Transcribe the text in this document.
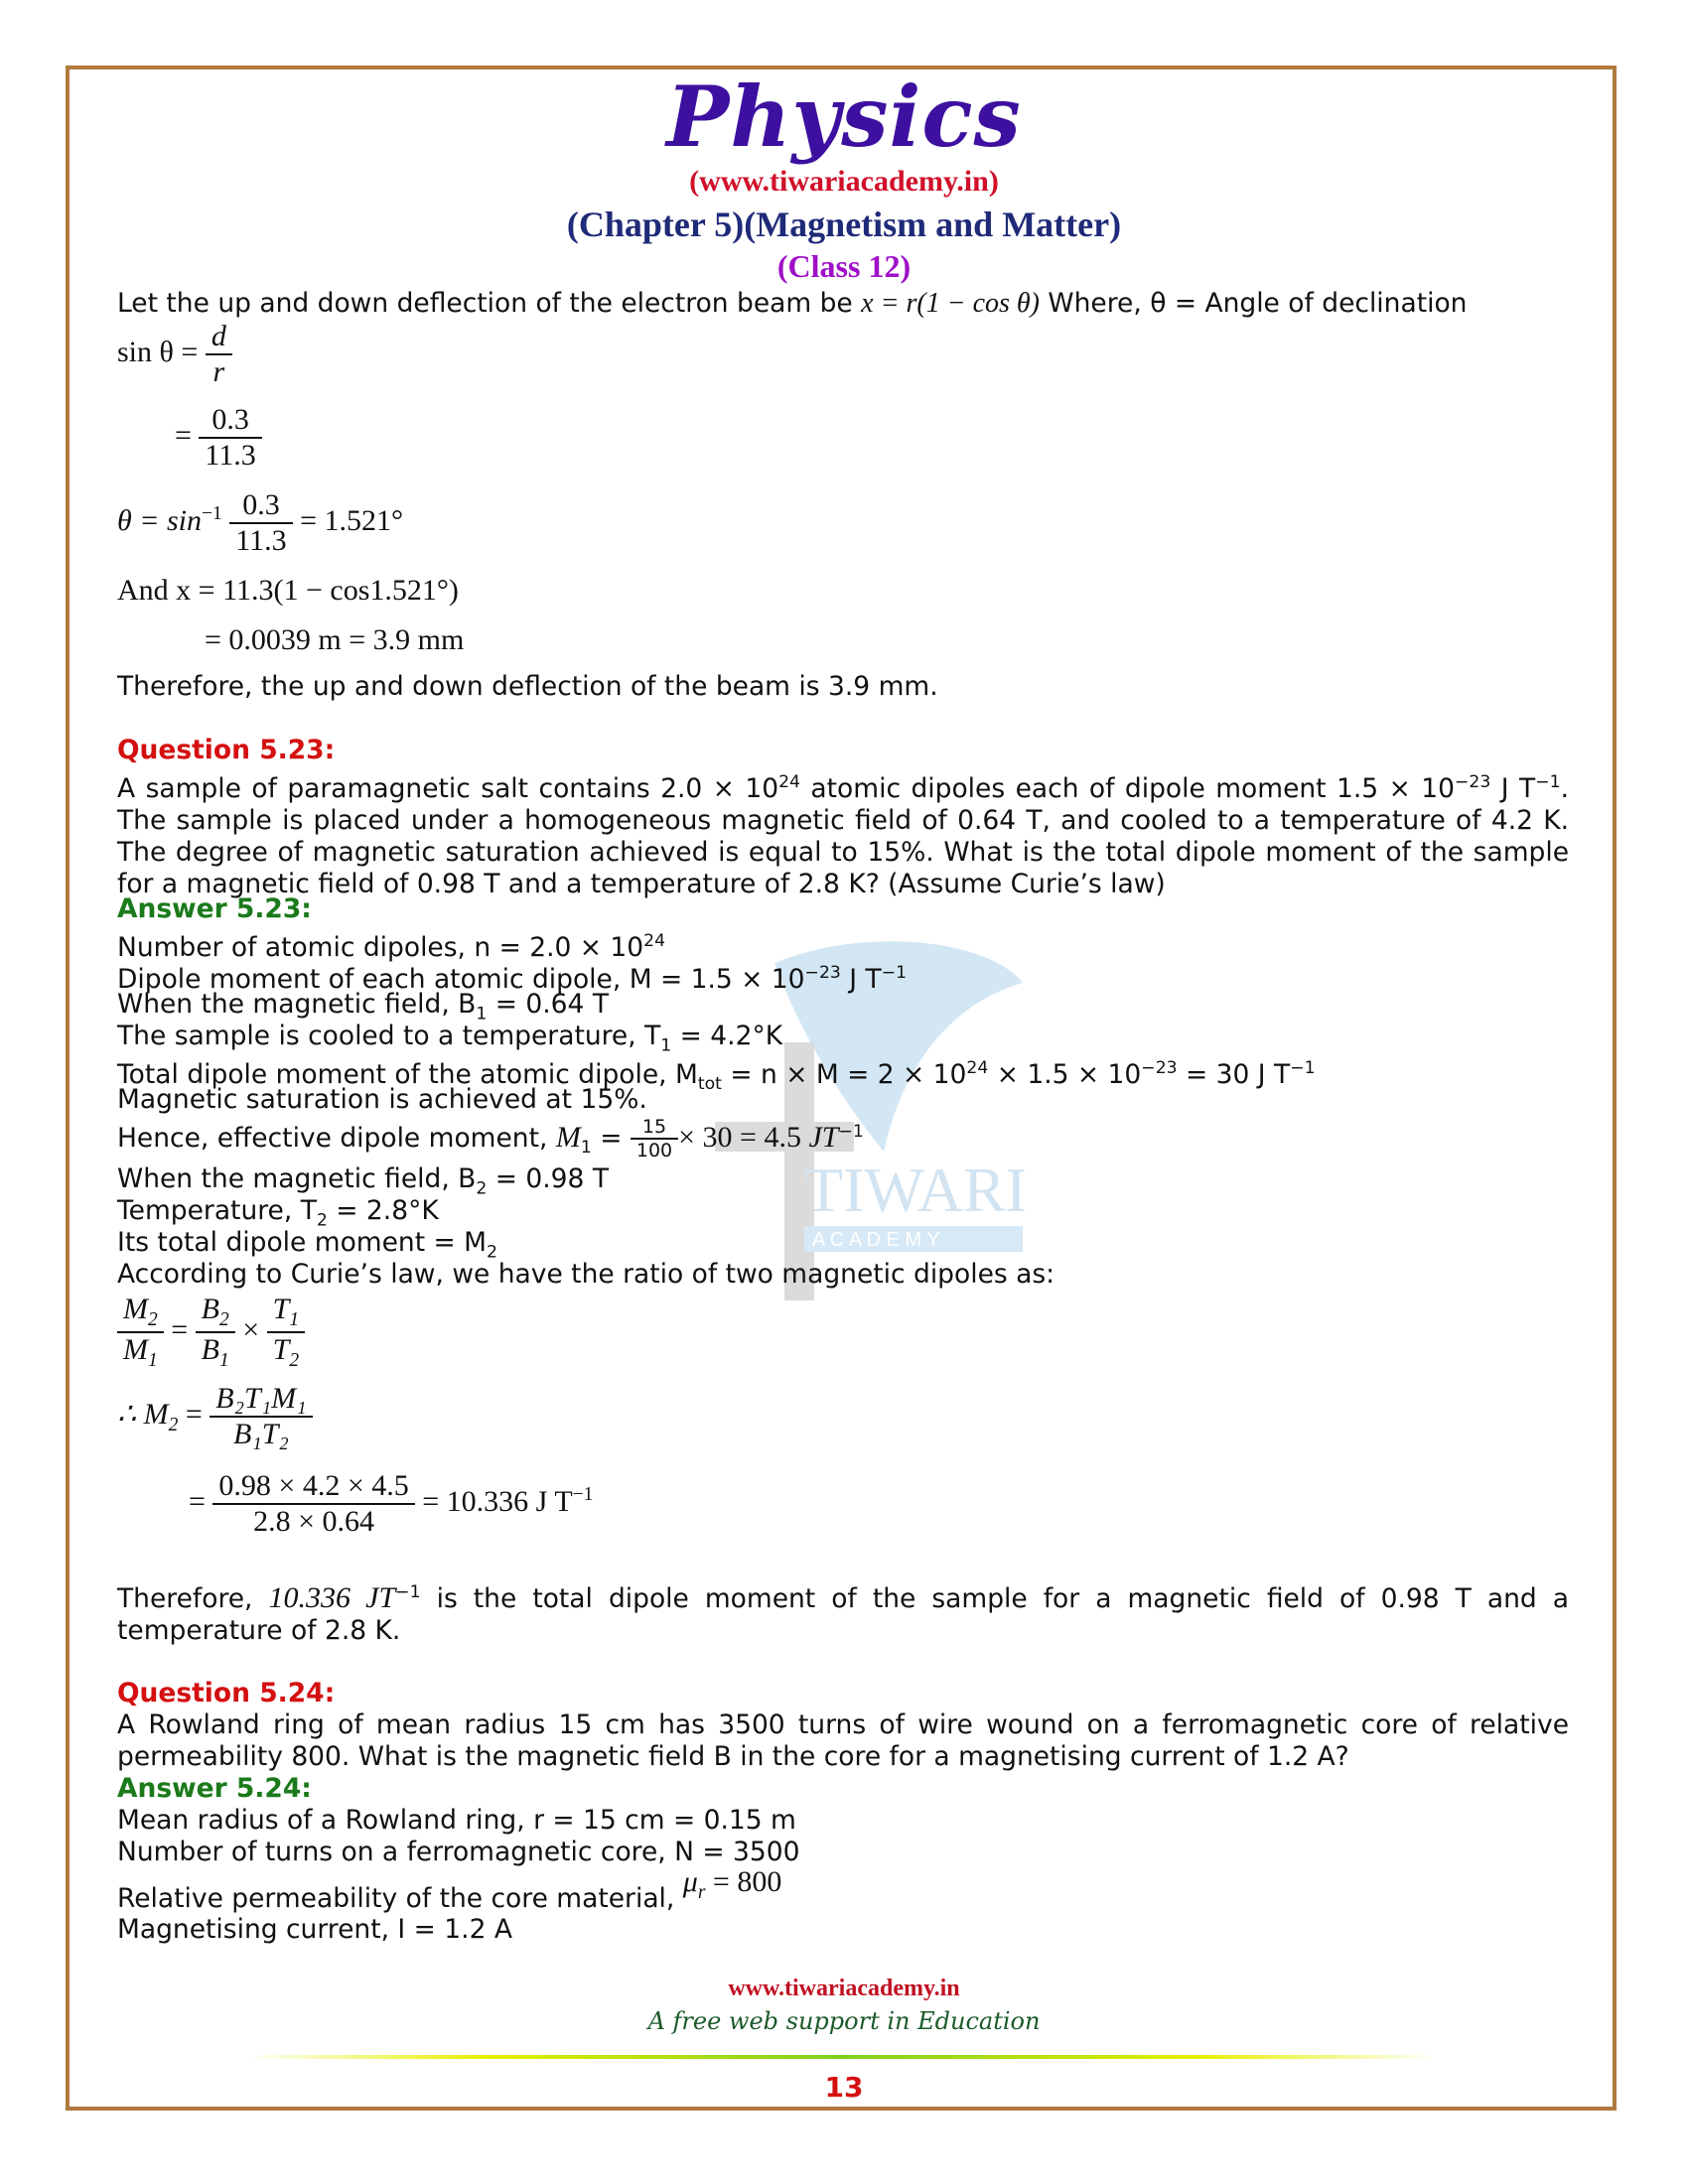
Physics
(www.tiwariacademy.in)
(Chapter 5)(Magnetism and Matter)
(Class 12)
TIWARI
A C A D E M Y
Let the up and down deflection of the electron beam be x = r(1 − cos θ) Where, θ = Angle of declination
$\sin \theta = \frac{d}{r}$
= $\frac{0.3}{11.3}$
$\theta = \sin^{-1} \frac{0.3}{11.3} = 1.521^\circ$
And x = 11.3(1 − cos1.521°)
= 0.0039 m = 3.9 mm
Therefore, the up and down deflection of the beam is 3.9 mm.
Question 5.23:
A sample of paramagnetic salt contains $2.0 \times 10^{24}$ atomic dipoles each of dipole moment $1.5 \times 10^{-23}$ J $T^{-1}$. The sample is placed under a homogeneous magnetic field of 0.64 T, and cooled to a temperature of 4.2 K. The degree of magnetic saturation achieved is equal to 15%. What is the total dipole moment of the sample for a magnetic field of 0.98 T and a temperature of 2.8 K? (Assume Curie’s law)
Answer 5.23:
Number of atomic dipoles, $n = 2.0 \times 10^{24}$
Dipole moment of each atomic dipole, $M = 1.5 \times 10^{-23}$ J $T^{-1}$
When the magnetic field, $B_1 = 0.64$ T
The sample is cooled to a temperature, $T_1 = 4.2^\circ K$
Total dipole moment of the atomic dipole, $M_{tot} = n \times M = 2 \times 10^{24} \times 1.5 \times 10^{-23} = 30$ J $T^{-1}$
Magnetic saturation is achieved at 15%.
Hence, effective dipole moment, $M_1 = \frac{15}{100} \times 30 = 4.5$ $JT^{-1}$
When the magnetic field, $B_2 = 0.98$ T
Temperature, $T_2 = 2.8^\circ K$
Its total dipole moment = $M_2$
According to Curie’s law, we have the ratio of two magnetic dipoles as:
$\frac{M_2}{M_1} = \frac{B_2}{B_1} \times \frac{T_1}{T_2}$
∴ $M_2 = \frac{\text{B₂T₁M₁}}{\text{B₁T₂}}$
= $\frac{0.98 \times 4.2 \times 4.5}{2.8 \times 0.64} = 10.336$ J $T^{-1}$
Therefore, 10.336 $JT^{-1}$ is the total dipole moment of the sample for a magnetic field of 0.98 T and a temperature of 2.8 K.
Question 5.24:
A Rowland ring of mean radius 15 cm has 3500 turns of wire wound on a ferromagnetic core of relative permeability 800. What is the magnetic field B in the core for a magnetising current of 1.2 A?
Answer 5.24:
Mean radius of a Rowland ring, r = 15 cm = 0.15 m
Number of turns on a ferromagnetic core, N = 3500
Relative permeability of the core material, $\mu_r = 800$
Magnetising current, I = 1.2 A
www.tiwariacademy.in
A free web support in Education
13
